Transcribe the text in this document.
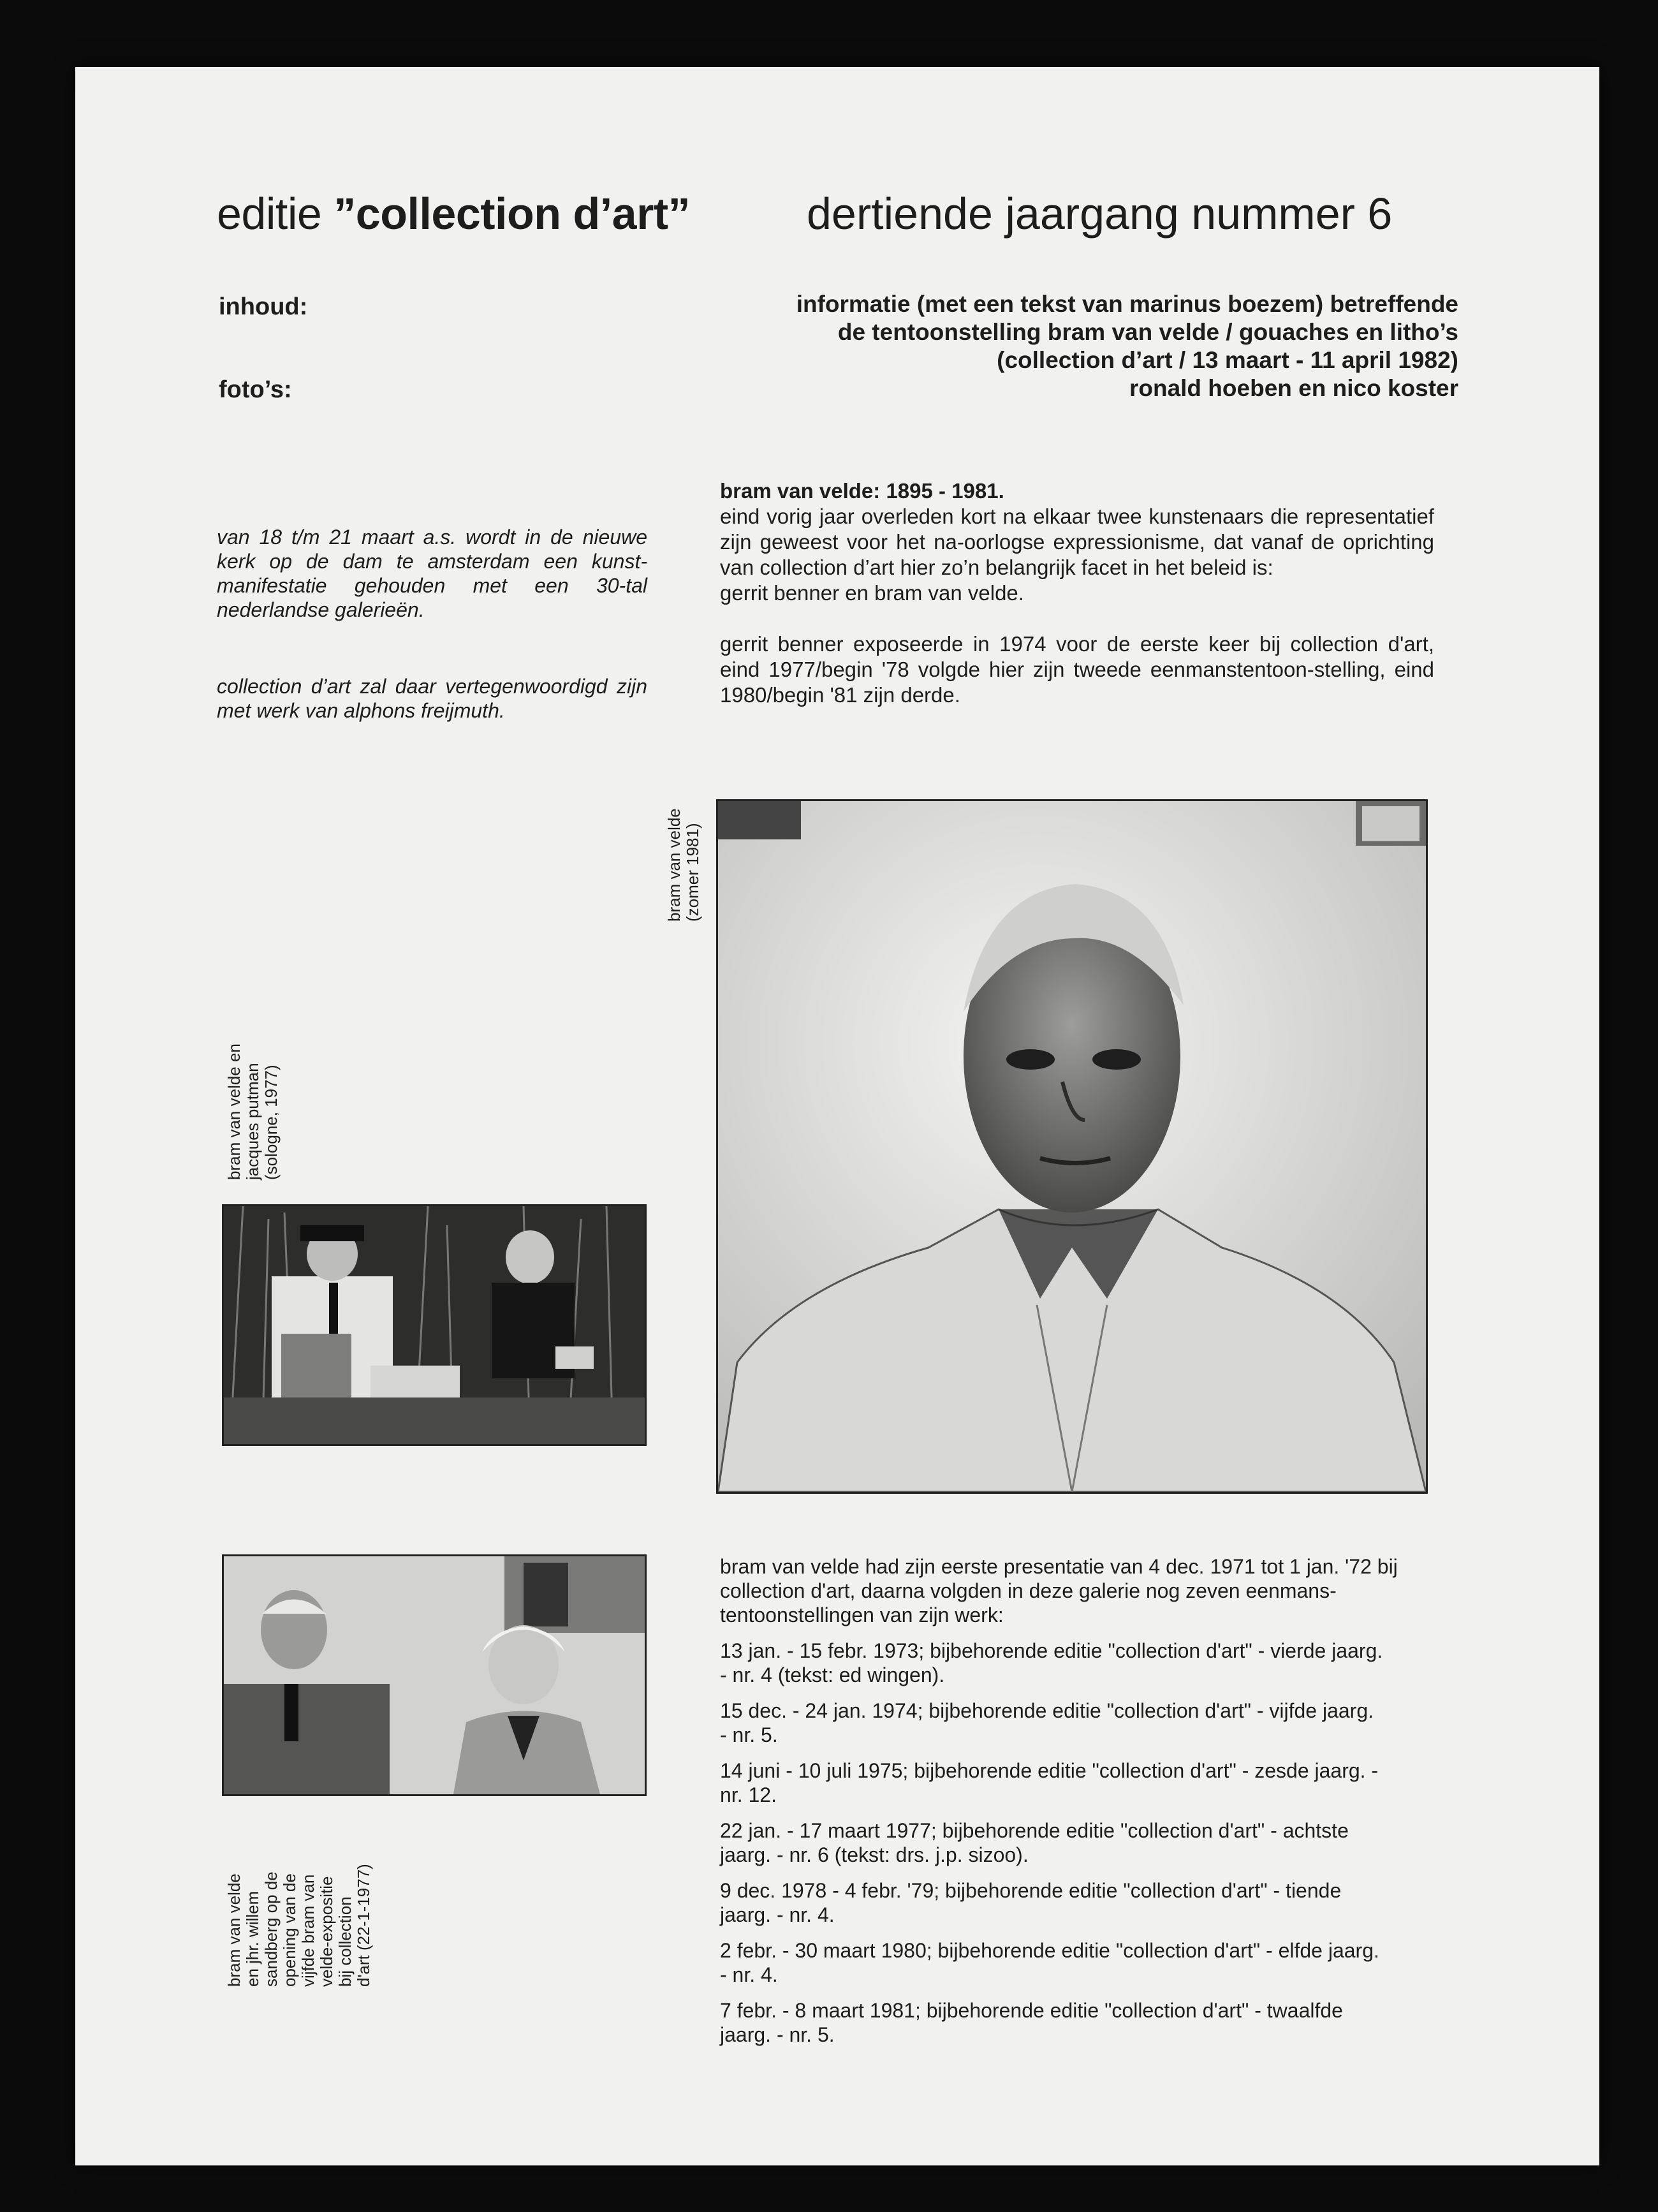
editie ”collection d’art”	dertiende jaargang nummer 6
inhoud:
foto’s:
informatie (met een tekst van marinus boezem) betreffende
de tentoonstelling bram van velde / gouaches en litho’s
(collection d’art / 13 maart - 11 april 1982)
ronald hoeben en nico koster
van 18 t/m 21 maart a.s. wordt in de nieuwe kerk op de dam te amsterdam een kunst-manifestatie gehouden met een 30-tal nederlandse galerieën.
collection d’art zal daar vertegenwoordigd zijn met werk van alphons freijmuth.
bram van velde: 1895 - 1981.

eind vorig jaar overleden kort na elkaar twee kunstenaars die representatief zijn geweest voor het na-oorlogse expressionisme, dat vanaf de oprichting van collection d’art hier zo’n belangrijk facet in het beleid is:

gerrit benner en bram van velde.

gerrit benner exposeerde in 1974 voor de eerste keer bij collection d'art, eind 1977/begin '78 volgde hier zijn tweede eenmanstentoon-stelling, eind 1980/begin '81 zijn derde.

bram van velde (zomer 1981)
bram van velde en jacques putman (sologne, 1977)
bram van velde en jhr. willem sandberg op de opening van de vijfde bram van velde-expositie bij collection d'art (22-1-1977)
bram van velde had zijn eerste presentatie van 4 dec. 1971 tot 1 jan. '72 bij collection d'art, daarna volgden in deze galerie nog zeven eenmans-tentoonstellingen van zijn werk:
13 jan. - 15 febr. 1973; bijbehorende editie "collection d'art" - vierde jaarg. - nr. 4 (tekst: ed wingen).
15 dec. - 24 jan. 1974; bijbehorende editie "collection d'art" - vijfde jaarg. - nr. 5.
14 juni - 10 juli 1975; bijbehorende editie "collection d'art" - zesde jaarg. - nr. 12.
22 jan. - 17 maart 1977; bijbehorende editie "collection d'art" - achtste jaarg. - nr. 6 (tekst: drs. j.p. sizoo).
9 dec. 1978 - 4 febr. '79; bijbehorende editie "collection d'art" - tiende jaarg. - nr. 4.
2 febr. - 30 maart 1980; bijbehorende editie "collection d'art" - elfde jaarg. - nr. 4.
7 febr. - 8 maart 1981; bijbehorende editie "collection d'art" - twaalfde jaarg. - nr. 5.
